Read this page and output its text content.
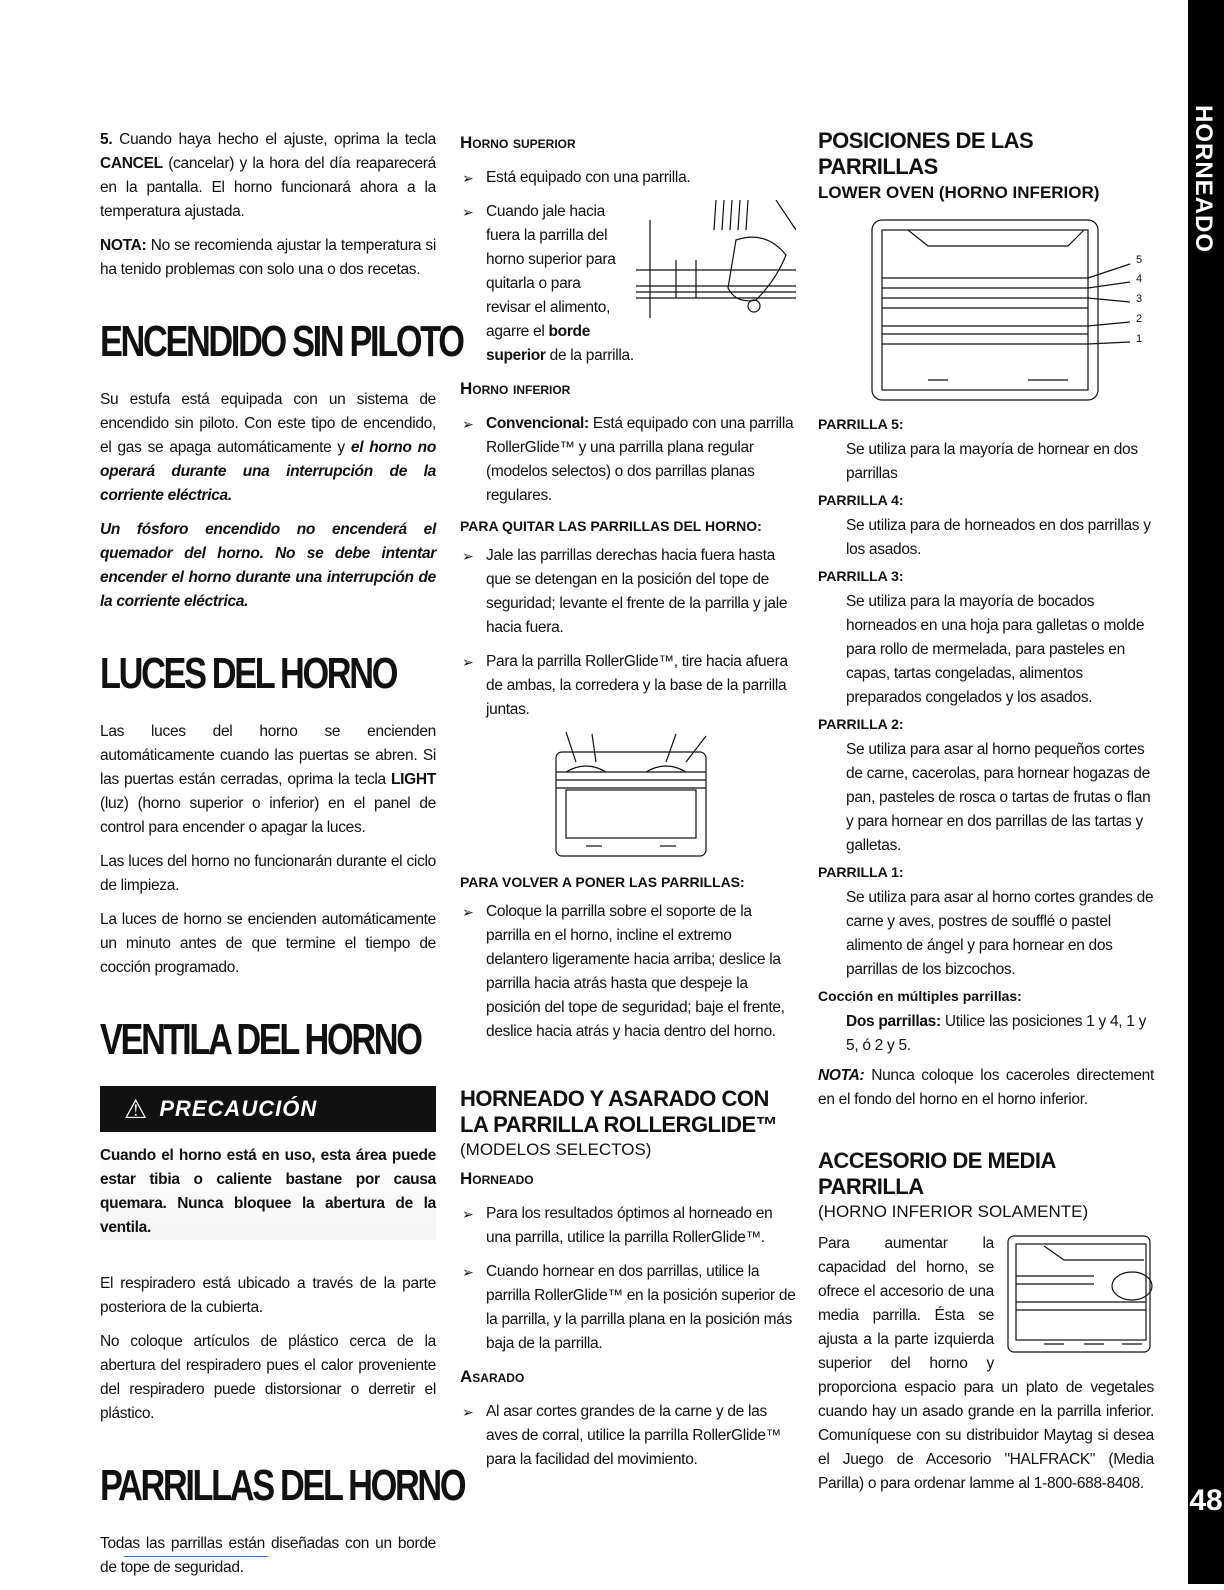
HORNEADO
48

5. Cuando haya hecho el ajuste, oprima la tecla CANCEL (cancelar) y la hora del día reaparecerá en la pantalla. El horno funcionará ahora a la temperatura ajustada.

NOTA: No se recomienda ajustar la temperatura si ha tenido problemas con solo una o dos recetas.

ENCENDIDO SIN PILOTO

Su estufa está equipada con un sistema de encendido sin piloto. Con este tipo de encendido, el gas se apaga automáticamente y el horno no operará durante una interrupción de la corriente eléctrica.

Un fósforo encendido no encenderá el quemador del horno. No se debe intentar encender el horno durante una interrupción de la corriente eléctrica.

LUCES DEL HORNO

Las luces del horno se encienden automáticamente cuando las puertas se abren. Si las puertas están cerradas, oprima la tecla LIGHT (luz) (horno superior o inferior) en el panel de control para encender o apagar la luces.

Las luces del horno no funcionarán durante el ciclo de limpieza.

La luces de horno se encienden automáticamente un minuto antes de que termine el tiempo de cocción programado.

VENTILA DEL HORNO
⚠ PRECAUCIÓN

Cuando el horno está en uso, esta área puede estar tibia o caliente bastane por causa quemara. Nunca bloquee la abertura de la ventila.

El respiradero está ubicado a través de la parte posteriora de la cubierta.

No coloque artículos de plástico cerca de la abertura del respiradero pues el calor proveniente del respiradero puede distorsionar o derretir el plástico.

PARRILLAS DEL HORNO

Todas las parrillas están diseñadas con un borde de tope de seguridad.

Horno superior
➢ Está equipado con una parrilla.
➢ Cuando jale hacia fuera la parrilla del horno superior para quitarla o para revisar el alimento, agarre el borde superior de la parrilla.
Horno inferior
➢ Convencional: Está equipado con una parrilla RollerGlide™ y una parrilla plana regular (modelos selectos) o dos parrillas planas regulares.
PARA QUITAR LAS PARRILLAS DEL HORNO:
➢ Jale las parrillas derechas hacia fuera hasta que se detengan en la posición del tope de seguridad; levante el frente de la parrilla y jale hacia fuera.
➢ Para la parrilla RollerGlide™, tire hacia afuera de ambas, la corredera y la base de la parrilla juntas.
PARA VOLVER A PONER LAS PARRILLAS:
➢ Coloque la parrilla sobre el soporte de la parrilla en el horno, incline el extremo delantero ligeramente hacia arriba; deslice la parrilla hacia atrás hasta que despeje la posición del tope de seguridad; baje el frente, deslice hacia atrás y hacia dentro del horno.
HORNEADO Y ASARADO CON LA PARRILLA ROLLERGLIDE™
(MODELOS SELECTOS)
Horneado
➢ Para los resultados óptimos al horneado en una parrilla, utilice la parrilla RollerGlide™.
➢ Cuando hornear en dos parrillas, utilice la parrilla RollerGlide™ en la posición superior de la parrilla, y la parrilla plana en la posición más baja de la parrilla.
Asarado
➢ Al asar cortes grandes de la carne y de las aves de corral, utilice la parrilla RollerGlide™ para la facilidad del movimiento.
POSICIONES DE LAS PARRILLAS
LOWER OVEN (HORNO INFERIOR)
5
4
3
2
1
PARRILLA 5:
Se utiliza para la mayoría de hornear en dos parrillas
PARRILLA 4:
Se utiliza para de horneados en dos parrillas y los asados.
PARRILLA 3:
Se utiliza para la mayoría de bocados horneados en una hoja para galletas o molde para rollo de mermelada, para pasteles en capas, tartas congeladas, alimentos preparados congelados y los asados.
PARRILLA 2:
Se utiliza para asar al horno pequeños cortes de carne, cacerolas, para hornear hogazas de pan, pasteles de rosca o tartas de frutas o flan y para hornear en dos parrillas de las tartas y galletas.
PARRILLA 1:
Se utiliza para asar al horno cortes grandes de carne y aves, postres de soufflé o pastel alimento de ángel y para hornear en dos parrillas de los bizcochos.
Cocción en múltiples parrillas:
Dos parrillas: Utilice las posiciones 1 y 4, 1 y 5, ó 2 y 5.

NOTA: Nunca coloque los caceroles directement en el fondo del horno en el horno inferior.

ACCESORIO DE MEDIA PARRILLA
(HORNO INFERIOR SOLAMENTE)

Para aumentar la capacidad del horno, se ofrece el accesorio de una media parrilla. Ésta se ajusta a la parte izquierda superior del horno y proporciona espacio para un plato de vegetales cuando hay un asado grande en la parrilla inferior. Comuníquese con su distribuidor Maytag si desea el Juego de Accesorio "HALFRACK" (Media Parilla) o para ordenar lamme al 1-800-688-8408.
